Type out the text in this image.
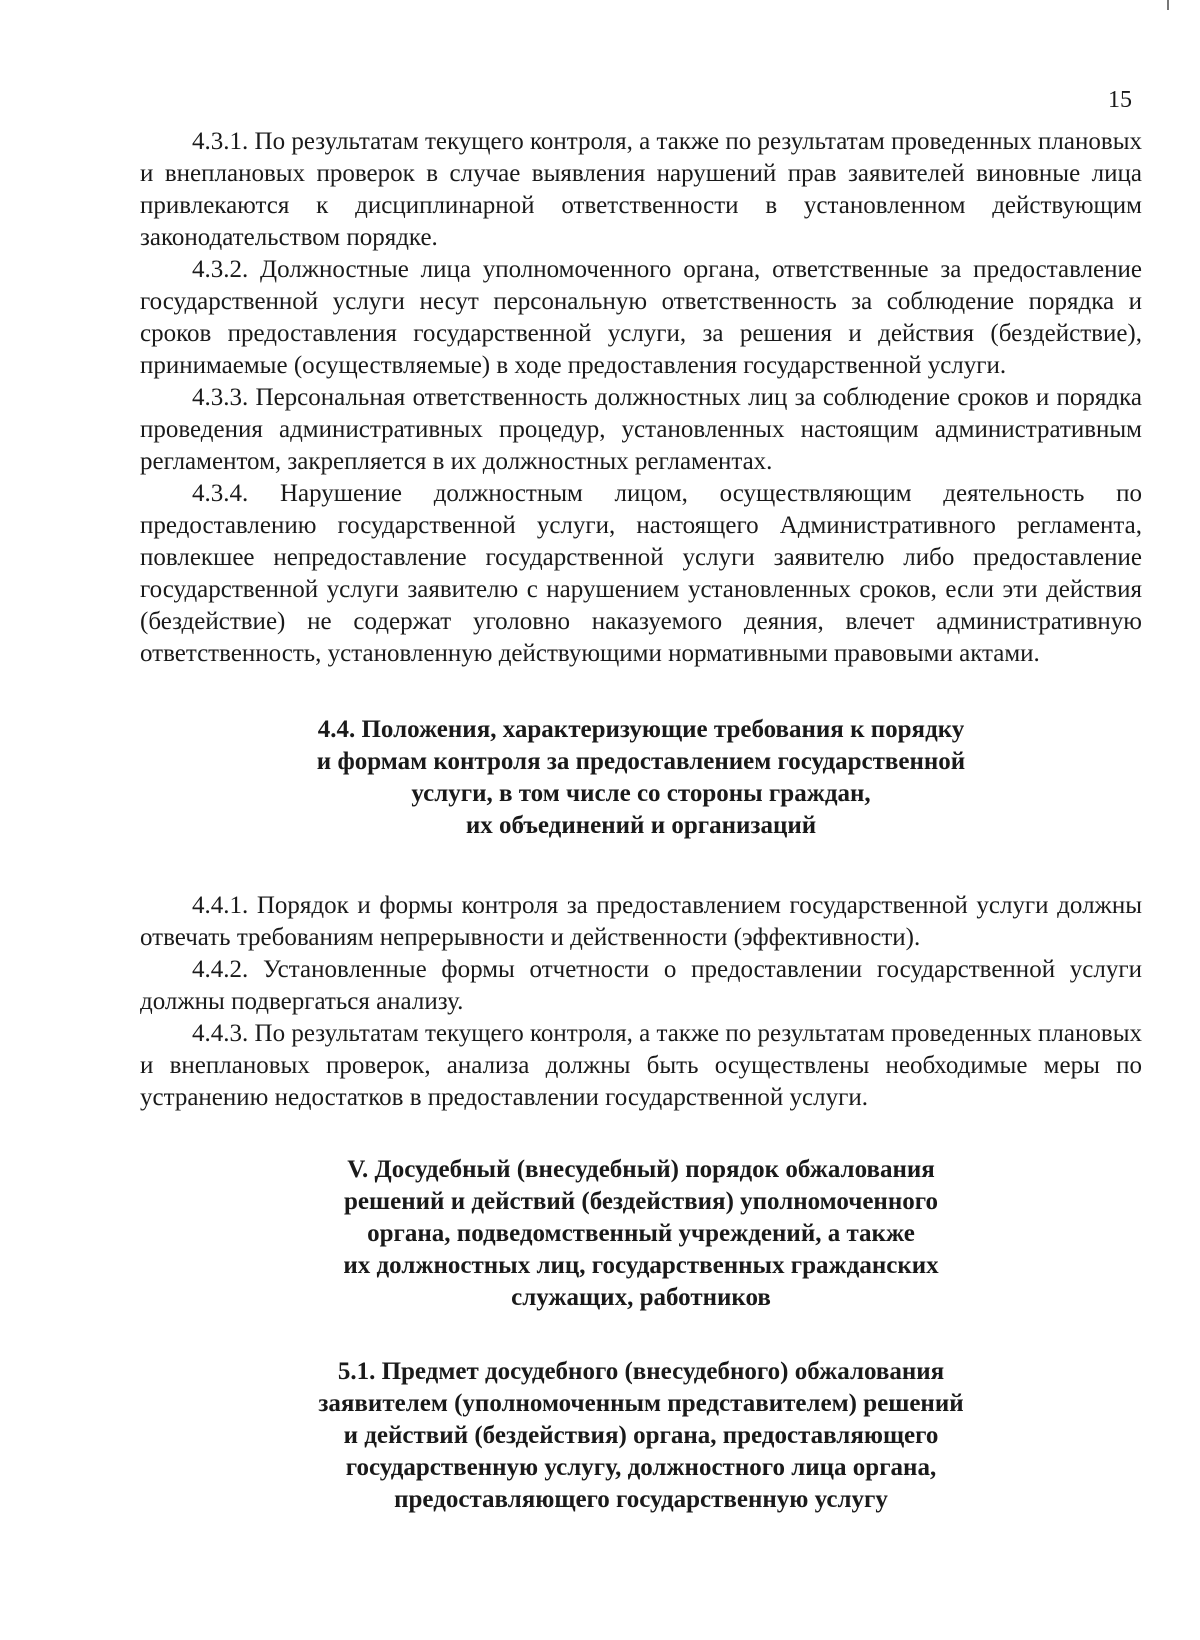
15

4.3.1. По результатам текущего контроля, а также по результатам проведенных плановых и внеплановых проверок в случае выявления нарушений прав заявителей виновные лица привлекаются к дисциплинарной ответственности в установленном действующим законодательством порядке.

4.3.2. Должностные лица уполномоченного органа, ответственные за предоставление государственной услуги несут персональную ответственность за соблюдение порядка и сроков предоставления государственной услуги, за решения и действия (бездействие), принимаемые (осуществляемые) в ходе предоставления государственной услуги.

4.3.3. Персональная ответственность должностных лиц за соблюдение сроков и порядка проведения административных процедур, установленных настоящим административным регламентом, закрепляется в их должностных регламентах.

4.3.4. Нарушение должностным лицом, осуществляющим деятельность по предоставлению государственной услуги, настоящего Административного регламента, повлекшее непредоставление государственной услуги заявителю либо предоставление государственной услуги заявителю с нарушением установленных сроков, если эти действия (бездействие) не содержат уголовно наказуемого деяния, влечет административную ответственность, установленную действующими нормативными правовыми актами.

4.4. Положения, характеризующие требования к порядку
и формам контроля за предоставлением государственной
услуги, в том числе со стороны граждан,
их объединений и организаций

4.4.1. Порядок и формы контроля за предоставлением государственной услуги должны отвечать требованиям непрерывности и действенности (эффективности).

4.4.2. Установленные формы отчетности о предоставлении государственной услуги должны подвергаться анализу.

4.4.3. По результатам текущего контроля, а также по результатам проведенных плановых и внеплановых проверок, анализа должны быть осуществлены необходимые меры по устранению недостатков в предоставлении государственной услуги.

V. Досудебный (внесудебный) порядок обжалования
решений и действий (бездействия) уполномоченного
органа, подведомственный учреждений, а также
их должностных лиц, государственных гражданских
служащих, работников
5.1. Предмет досудебного (внесудебного) обжалования
заявителем (уполномоченным представителем) решений
и действий (бездействия) органа, предоставляющего
государственную услугу, должностного лица органа,
предоставляющего государственную услугу
